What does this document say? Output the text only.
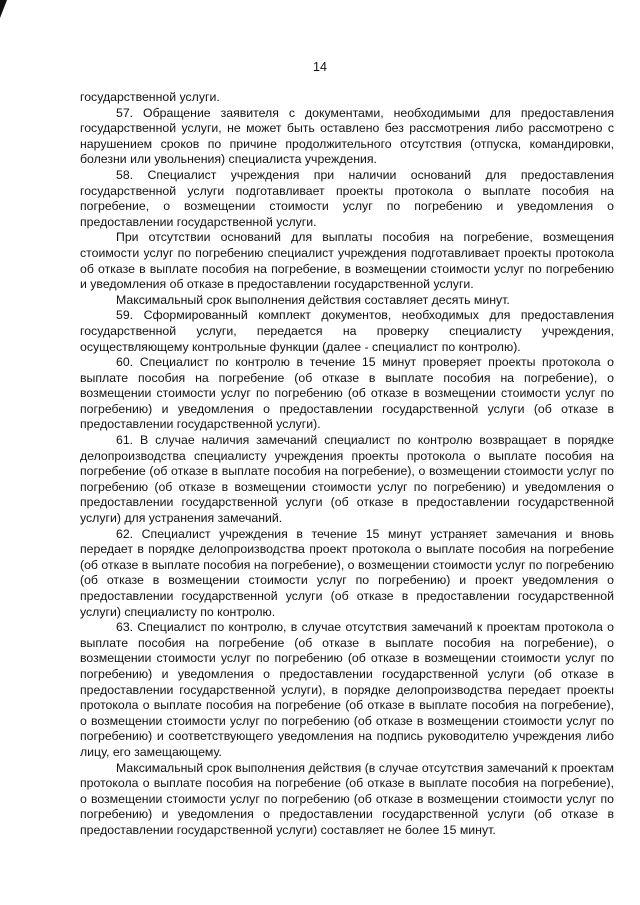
14

государственной услуги.

57. Обращение заявителя с документами, необходимыми для предоставления государственной услуги, не может быть оставлено без рассмотрения либо рассмотрено с нарушением сроков по причине продолжительного отсутствия (отпуска, командировки, болезни или увольнения) специалиста учреждения.

58. Специалист учреждения при наличии оснований для предоставления государственной услуги подготавливает проекты протокола о выплате пособия на погребение, о возмещении стоимости услуг по погребению и уведомления о предоставлении государственной услуги.

При отсутствии оснований для выплаты пособия на погребение, возмещения стоимости услуг по погребению специалист учреждения подготавливает проекты протокола об отказе в выплате пособия на погребение, в возмещении стоимости услуг по погребению и уведомления об отказе в предоставлении государственной услуги.

Максимальный срок выполнения действия составляет десять минут.

59. Сформированный комплект документов, необходимых для предоставления государственной услуги, передается на проверку специалисту учреждения, осуществляющему контрольные функции (далее - специалист по контролю).

60. Специалист по контролю в течение 15 минут проверяет проекты протокола о выплате пособия на погребение (об отказе в выплате пособия на погребение), о возмещении стоимости услуг по погребению (об отказе в возмещении стоимости услуг по погребению) и уведомления о предоставлении государственной услуги (об отказе в предоставлении государственной услуги).

61. В случае наличия замечаний специалист по контролю возвращает в порядке делопроизводства специалисту учреждения проекты протокола о выплате пособия на погребение (об отказе в выплате пособия на погребение), о возмещении стоимости услуг по погребению (об отказе в возмещении стоимости услуг по погребению) и уведомления о предоставлении государственной услуги (об отказе в предоставлении государственной услуги) для устранения замечаний.

62. Специалист учреждения в течение 15 минут устраняет замечания и вновь передает в порядке делопроизводства проект протокола о выплате пособия на погребение (об отказе в выплате пособия на погребение), о возмещении стоимости услуг по погребению (об отказе в возмещении стоимости услуг по погребению) и проект уведомления о предоставлении государственной услуги (об отказе в предоставлении государственной услуги) специалисту по контролю.

63. Специалист по контролю, в случае отсутствия замечаний к проектам протокола о выплате пособия на погребение (об отказе в выплате пособия на погребение), о возмещении стоимости услуг по погребению (об отказе в возмещении стоимости услуг по погребению) и уведомления о предоставлении государственной услуги (об отказе в предоставлении государственной услуги), в порядке делопроизводства передает проекты протокола о выплате пособия на погребение (об отказе в выплате пособия на погребение), о возмещении стоимости услуг по погребению (об отказе в возмещении стоимости услуг по погребению) и соответствующего уведомления на подпись руководителю учреждения либо лицу, его замещающему.

Максимальный срок выполнения действия (в случае отсутствия замечаний к проектам протокола о выплате пособия на погребение (об отказе в выплате пособия на погребение), о возмещении стоимости услуг по погребению (об отказе в возмещении стоимости услуг по погребению) и уведомления о предоставлении государственной услуги (об отказе в предоставлении государственной услуги) составляет не более 15 минут.
